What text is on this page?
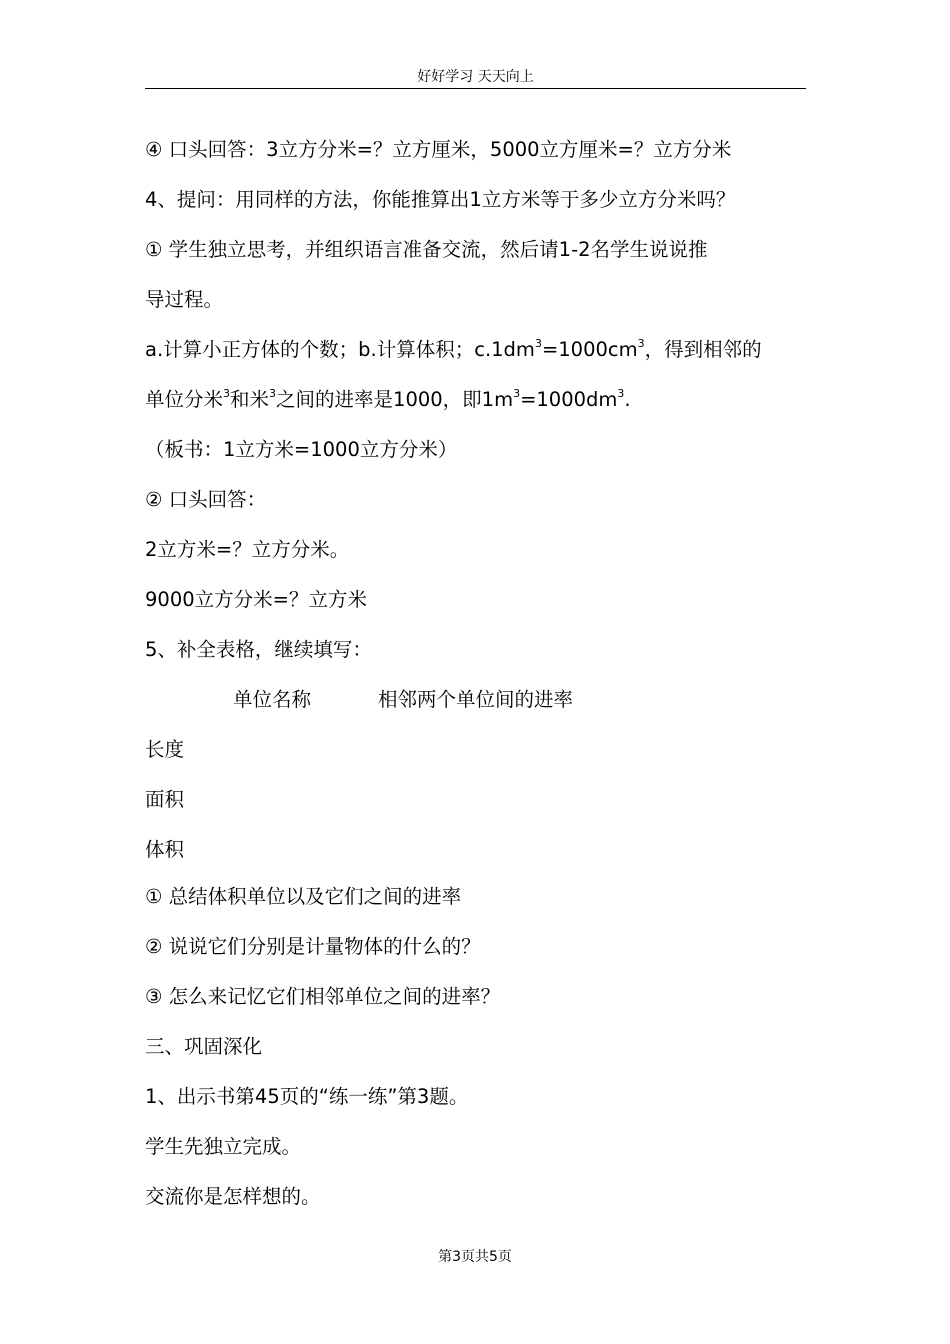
好好学习 天天向上
④ 口头回答：3立方分米=？立方厘米，5000立方厘米=？立方分米
4、提问：用同样的方法，你能推算出1立方米等于多少立方分米吗？
① 学生独立思考，并组织语言准备交流，然后请1-2名学生说说推
导过程。
a.计算小正方体的个数；b.计算体积；$c.1dm^3=1000cm^3$，得到相邻的
单位分米$^3$和米$^3$之间的进率是1000，即$1m^3=1000dm^3$.
（板书：1立方米=1000立方分米）
② 口头回答：
2立方米=？立方分米。
9000立方分米=？立方米
5、补全表格，继续填写：
单位名称	相邻两个单位间的进率
长度
面积
体积
① 总结体积单位以及它们之间的进率
② 说说它们分别是计量物体的什么的？
③ 怎么来记忆它们相邻单位之间的进率？
三、巩固深化
1、出示书第45页的“练一练”第3题。
学生先独立完成。
交流你是怎样想的。
第3页共5页
